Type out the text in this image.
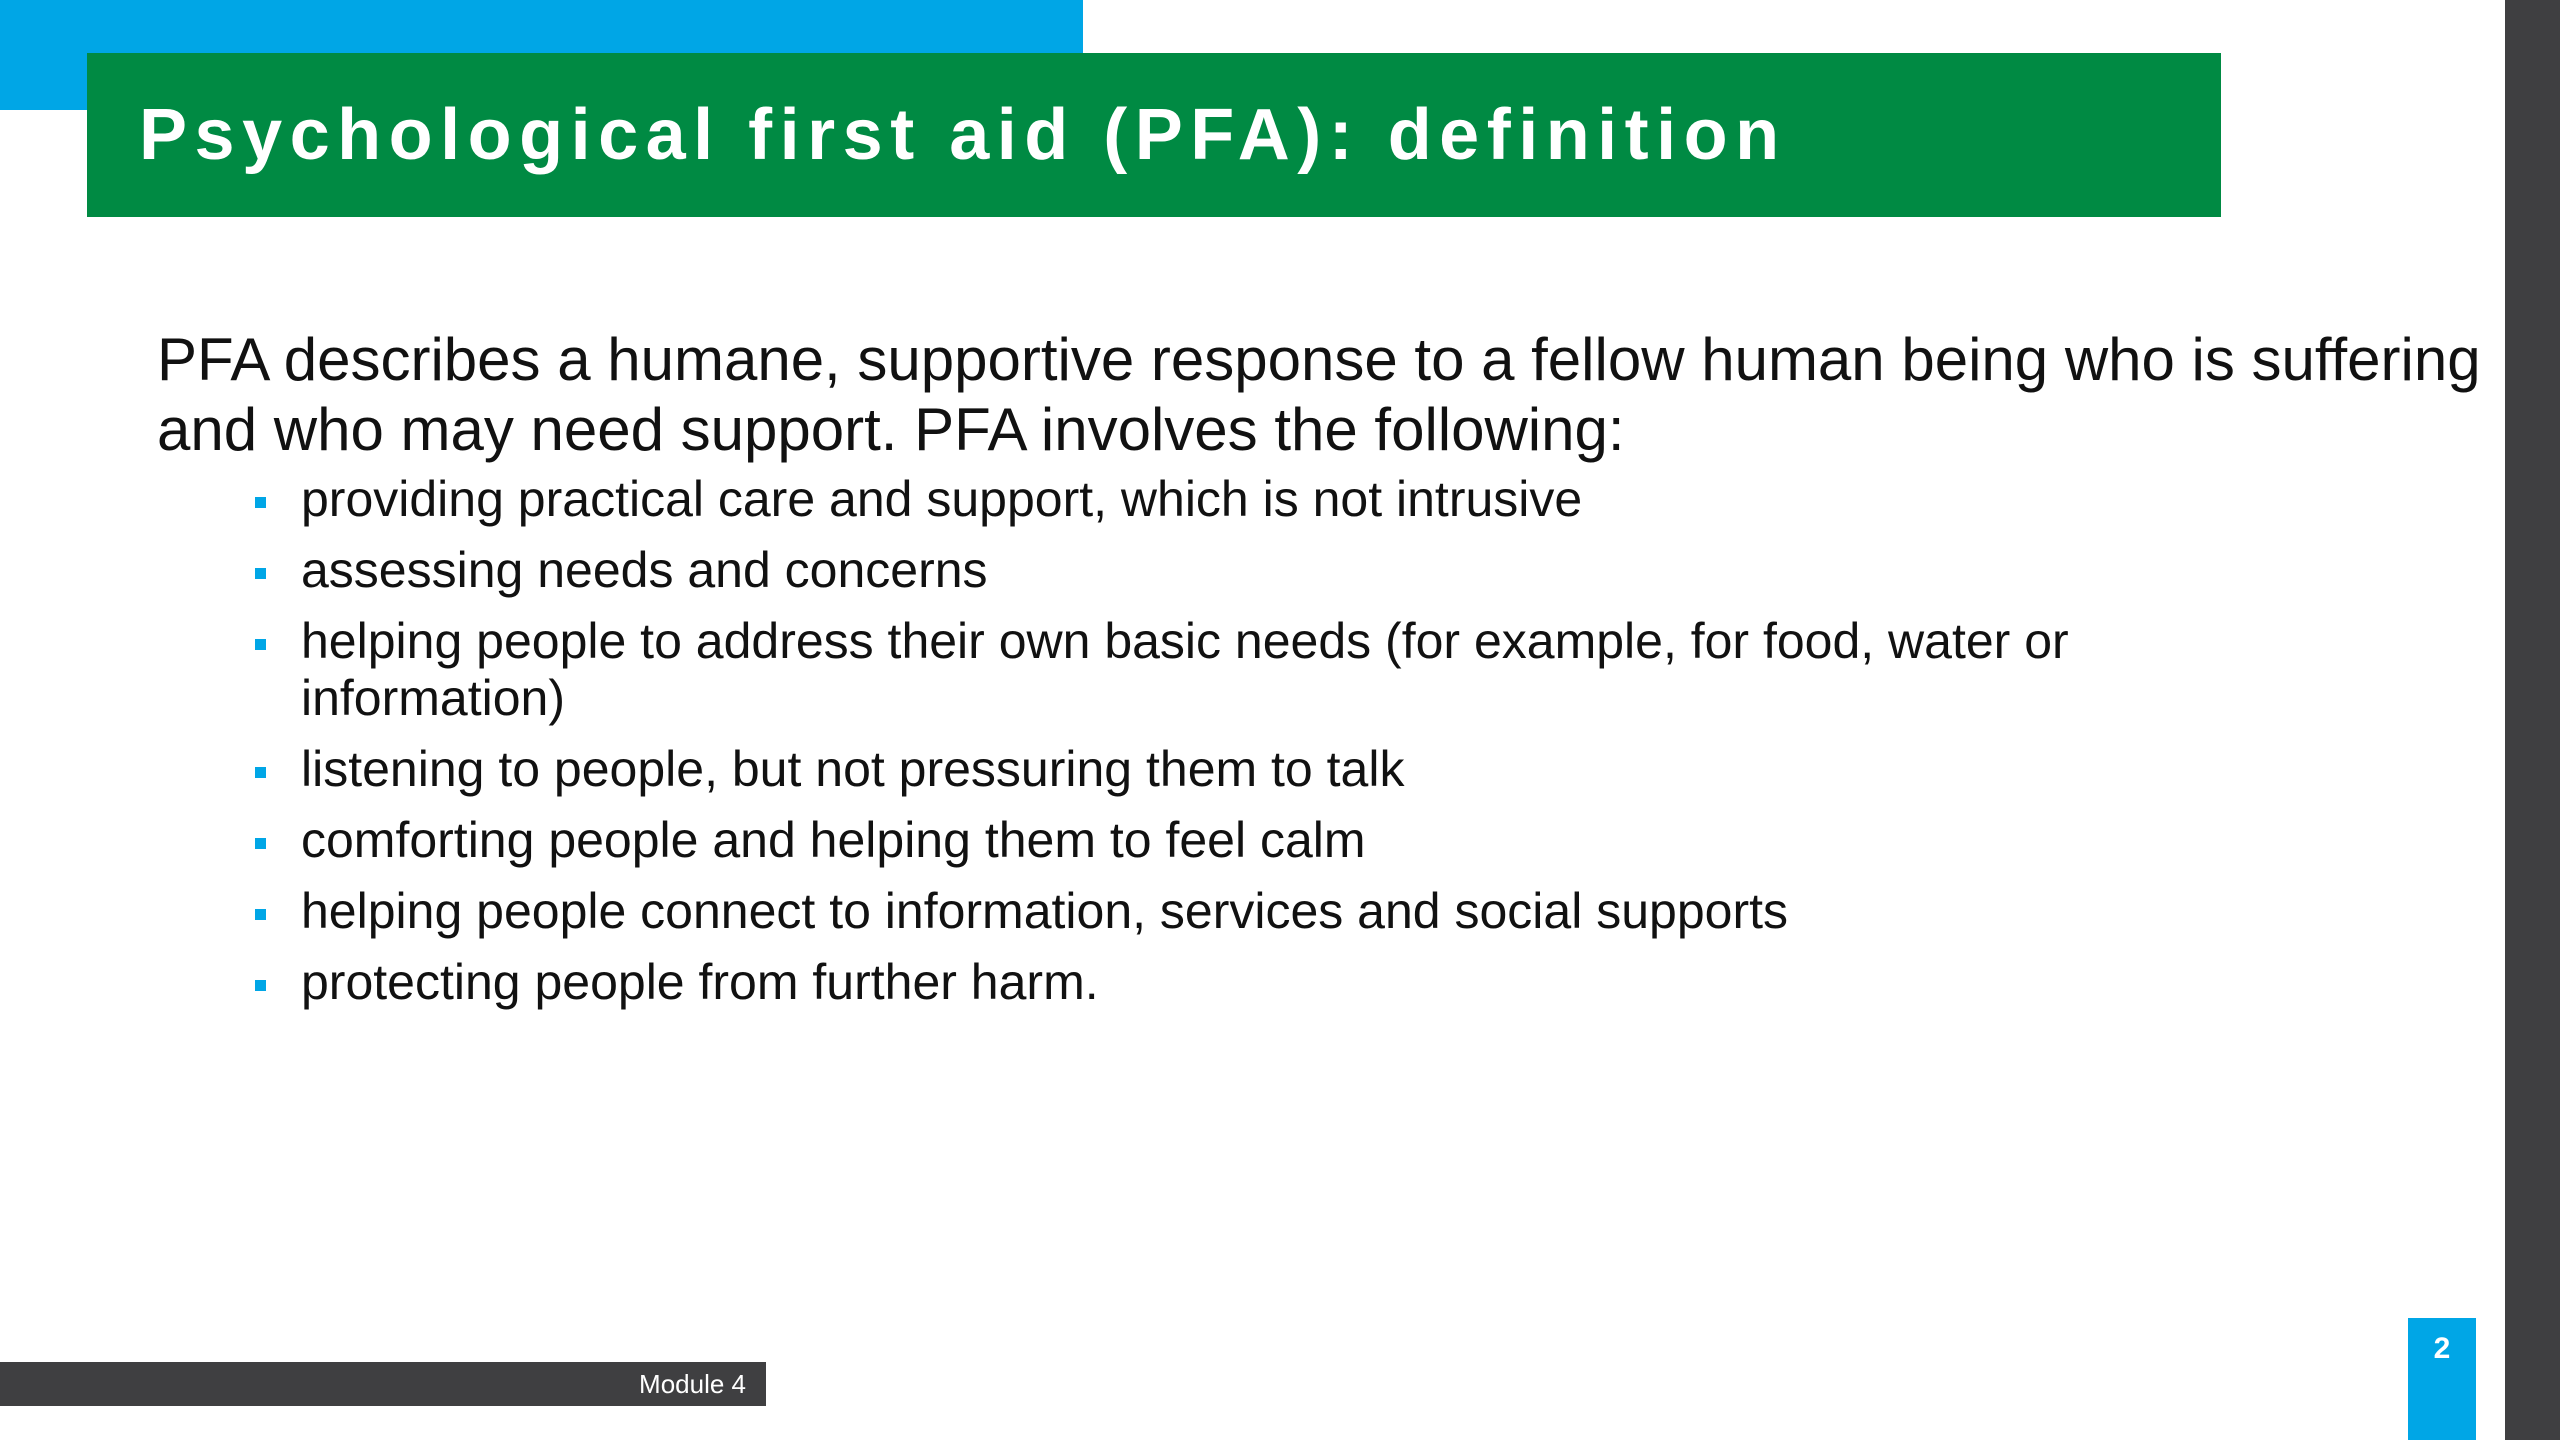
Psychological first aid (PFA): definition

PFA describes a humane, supportive response to a fellow human being who is suffering and who may need support. PFA involves the following:

providing practical care and support, which is not intrusive
assessing needs and concerns
helping people to address their own basic needs (for example, for food, water or information)
listening to people, but not pressuring them to talk
comforting people and helping them to feel calm
helping people connect to information, services and social supports
protecting people from further harm.
Module 4
2
